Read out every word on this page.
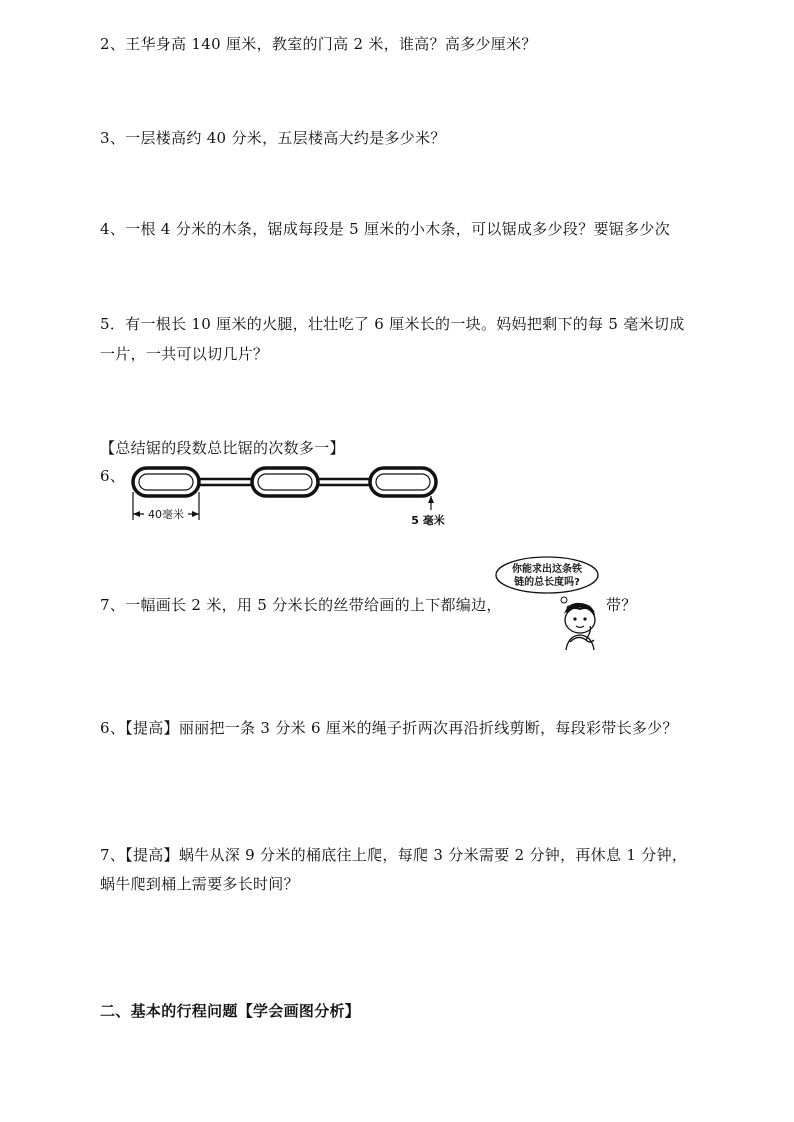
2、王华身高 140 厘米，教室的门高 2 米，谁高？高多少厘米？
3、一层楼高约 40 分米，五层楼高大约是多少米？
4、一根 4 分米的木条，锯成每段是 5 厘米的小木条，可以锯成多少段？要锯多少次
5．有一根长 10 厘米的火腿，壮壮吃了 6 厘米长的一块。妈妈把剩下的每 5 毫米切成
一片，一共可以切几片？
【总结锯的段数总比锯的次数多一】
6、
40毫米	5 毫米
7、一幅画长 2 米，用 5 分米长的丝带给画的上下都编边，	带？
你能求出这条铁
链的总长度吗?
6、【提高】丽丽把一条 3 分米 6 厘米的绳子折两次再沿折线剪断，每段彩带长多少？
7、【提高】蜗牛从深 9 分米的桶底往上爬，每爬 3 分米需要 2 分钟，再休息 1 分钟，
蜗牛爬到桶上需要多长时间？
二、基本的行程问题【学会画图分析】
